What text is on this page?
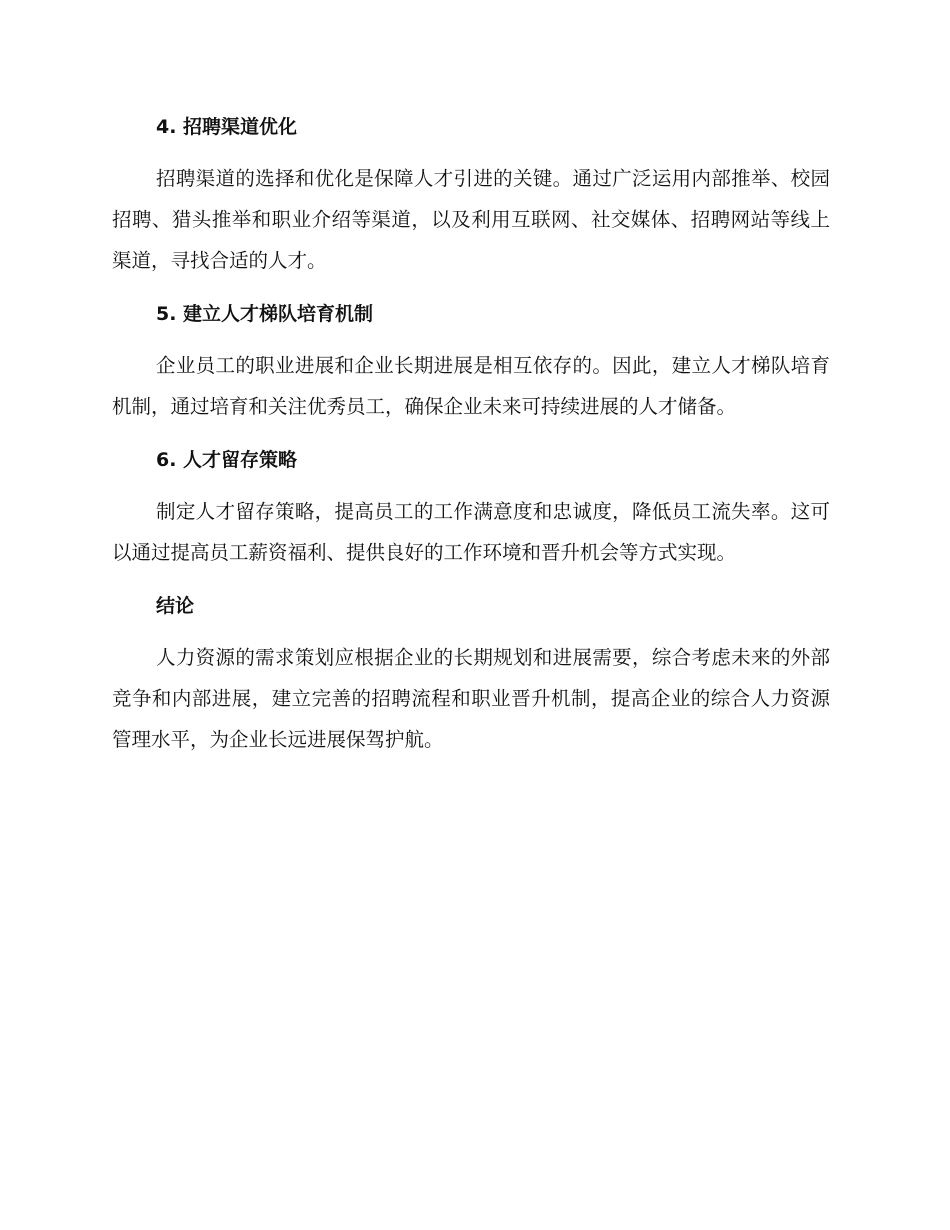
4. 招聘渠道优化

招聘渠道的选择和优化是保障人才引进的关键。通过广泛运用内部推举、校园招聘、猎头推举和职业介绍等渠道，以及利用互联网、社交媒体、招聘网站等线上渠道，寻找合适的人才。

5. 建立人才梯队培育机制

企业员工的职业进展和企业长期进展是相互依存的。因此，建立人才梯队培育机制，通过培育和关注优秀员工，确保企业未来可持续进展的人才储备。

6. 人才留存策略

制定人才留存策略，提高员工的工作满意度和忠诚度，降低员工流失率。这可以通过提高员工薪资福利、提供良好的工作环境和晋升机会等方式实现。

结论

人力资源的需求策划应根据企业的长期规划和进展需要，综合考虑未来的外部竞争和内部进展，建立完善的招聘流程和职业晋升机制，提高企业的综合人力资源管理水平，为企业长远进展保驾护航。
